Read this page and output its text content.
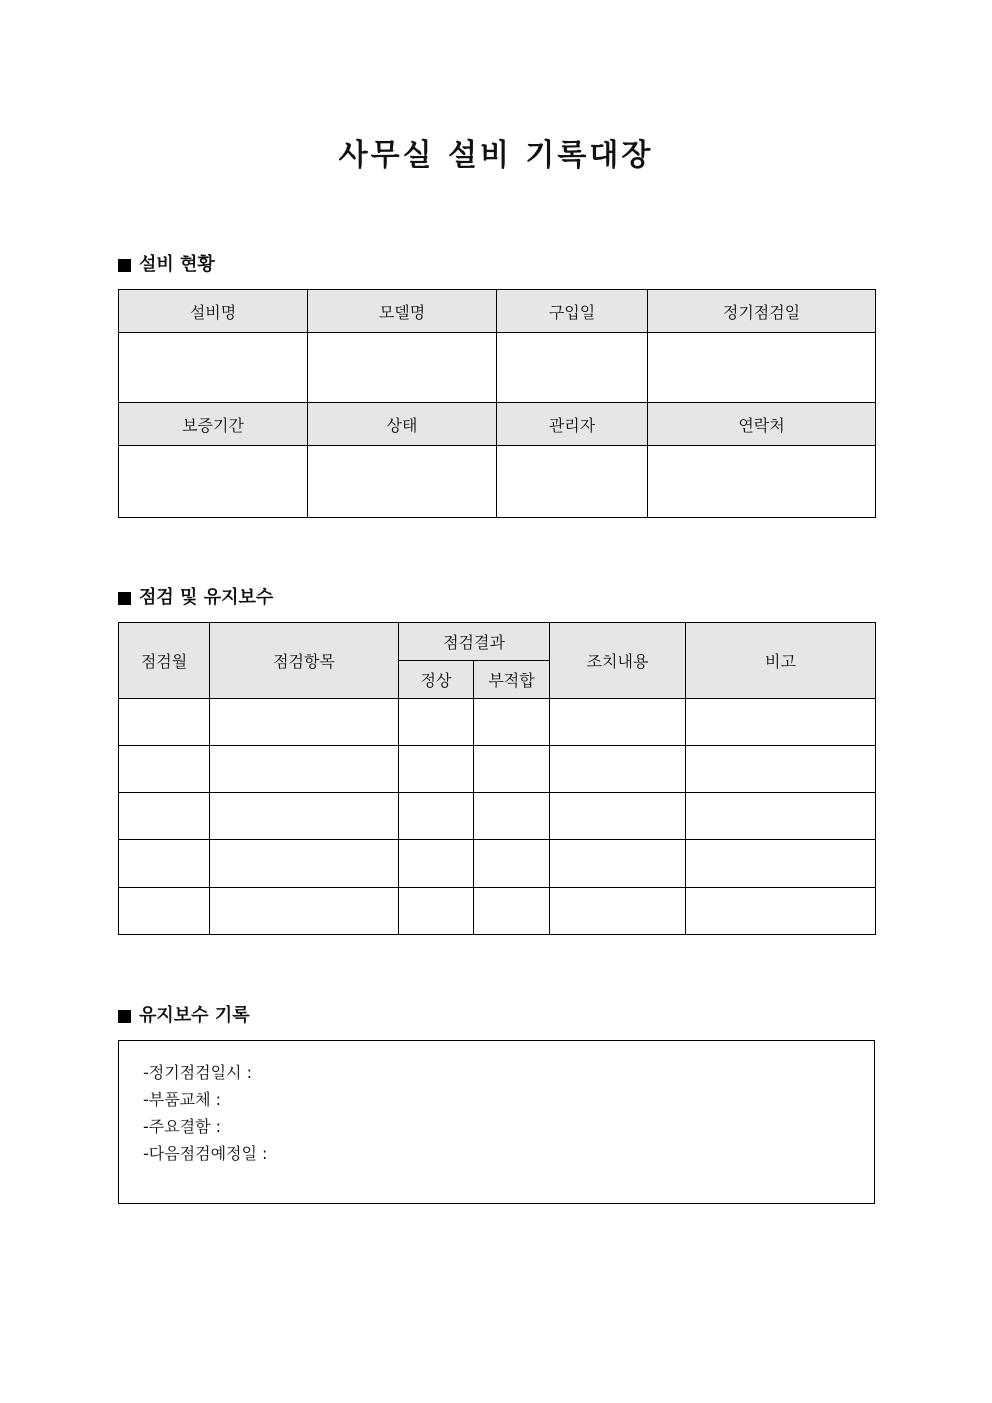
사무실 설비 기록대장
설비 현황
설비명	모델명	구입일	정기점검일

보증기간	상태	관리자	연락처

점검 및 유지보수
점검월	점검항목	점검결과		조치내용	비고
		정상	부적합		

유지보수 기록
-정기점검일시 :
-부품교체 :
-주요결함 :
-다음점검예정일 :
